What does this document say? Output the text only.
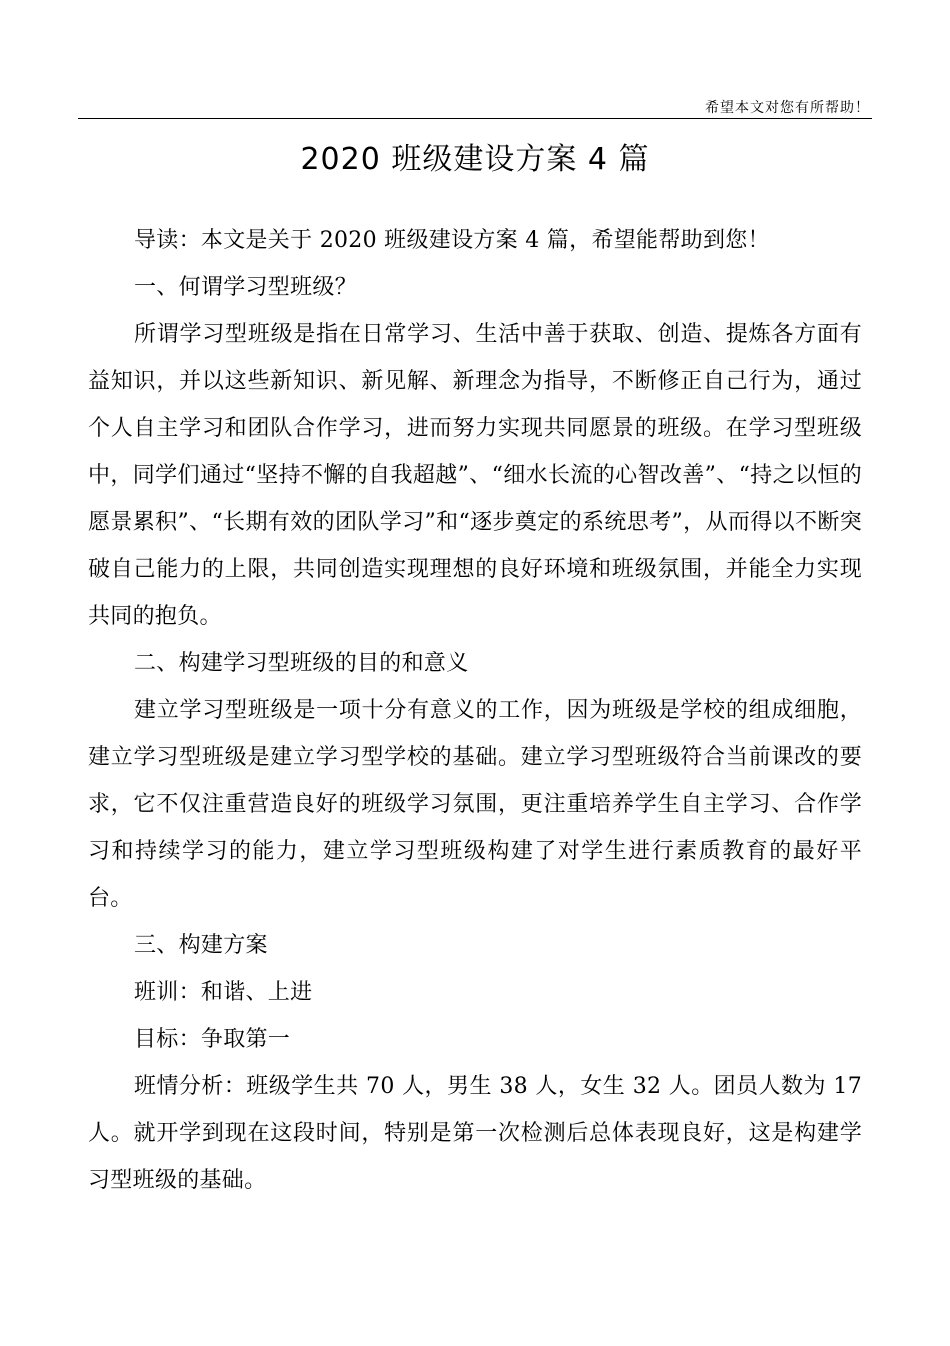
希望本文对您有所帮助！
2020 班级建设方案 4 篇

导读：本文是关于 2020 班级建设方案 4 篇，希望能帮助到您！

一、何谓学习型班级？

所谓学习型班级是指在日常学习、生活中善于获取、创造、提炼各方面有益知识，并以这些新知识、新见解、新理念为指导，不断修正自己行为，通过个人自主学习和团队合作学习，进而努力实现共同愿景的班级。在学习型班级中，同学们通过“坚持不懈的自我超越”、“细水长流的心智改善”、“持之以恒的愿景累积”、“长期有效的团队学习”和“逐步奠定的系统思考”，从而得以不断突破自己能力的上限，共同创造实现理想的良好环境和班级氛围，并能全力实现共同的抱负。

二、构建学习型班级的目的和意义

建立学习型班级是一项十分有意义的工作，因为班级是学校的组成细胞，建立学习型班级是建立学习型学校的基础。建立学习型班级符合当前课改的要求，它不仅注重营造良好的班级学习氛围，更注重培养学生自主学习、合作学习和持续学习的能力，建立学习型班级构建了对学生进行素质教育的最好平台。

三、构建方案

班训：和谐、上进

目标：争取第一

班情分析：班级学生共 70 人，男生 38 人，女生 32 人。团员人数为 17 人。就开学到现在这段时间，特别是第一次检测后总体表现良好，这是构建学习型班级的基础。
